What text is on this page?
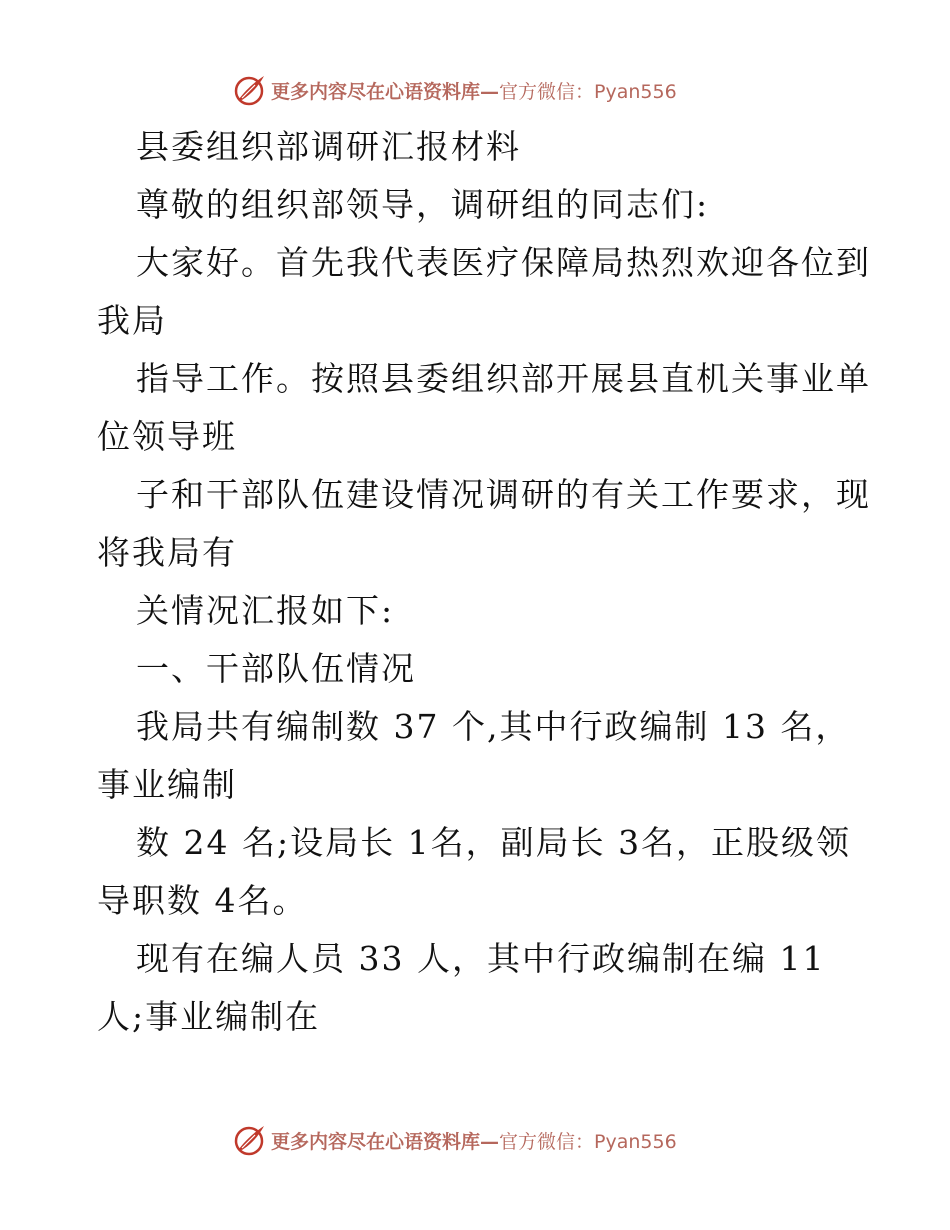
更多内容尽在心语资料库— 官方微信：Pyan556
县委组织部调研汇报材料
尊敬的组织部领导，调研组的同志们:
大家好。首先我代表医疗保障局热烈欢迎各位到
我局
指导工作。按照县委组织部开展县直机关事业单
位领导班
子和干部队伍建设情况调研的有关工作要求，现
将我局有
关情况汇报如下:
一、干部队伍情况
我局共有编制数 37 个,其中行政编制 13 名，
事业编制
数 24 名;设局长 1名，副局长 3名，正股级领
导职数 4名。
现有在编人员 33 人，其中行政编制在编 11
人;事业编制在
更多内容尽在心语资料库— 官方微信：Pyan556
